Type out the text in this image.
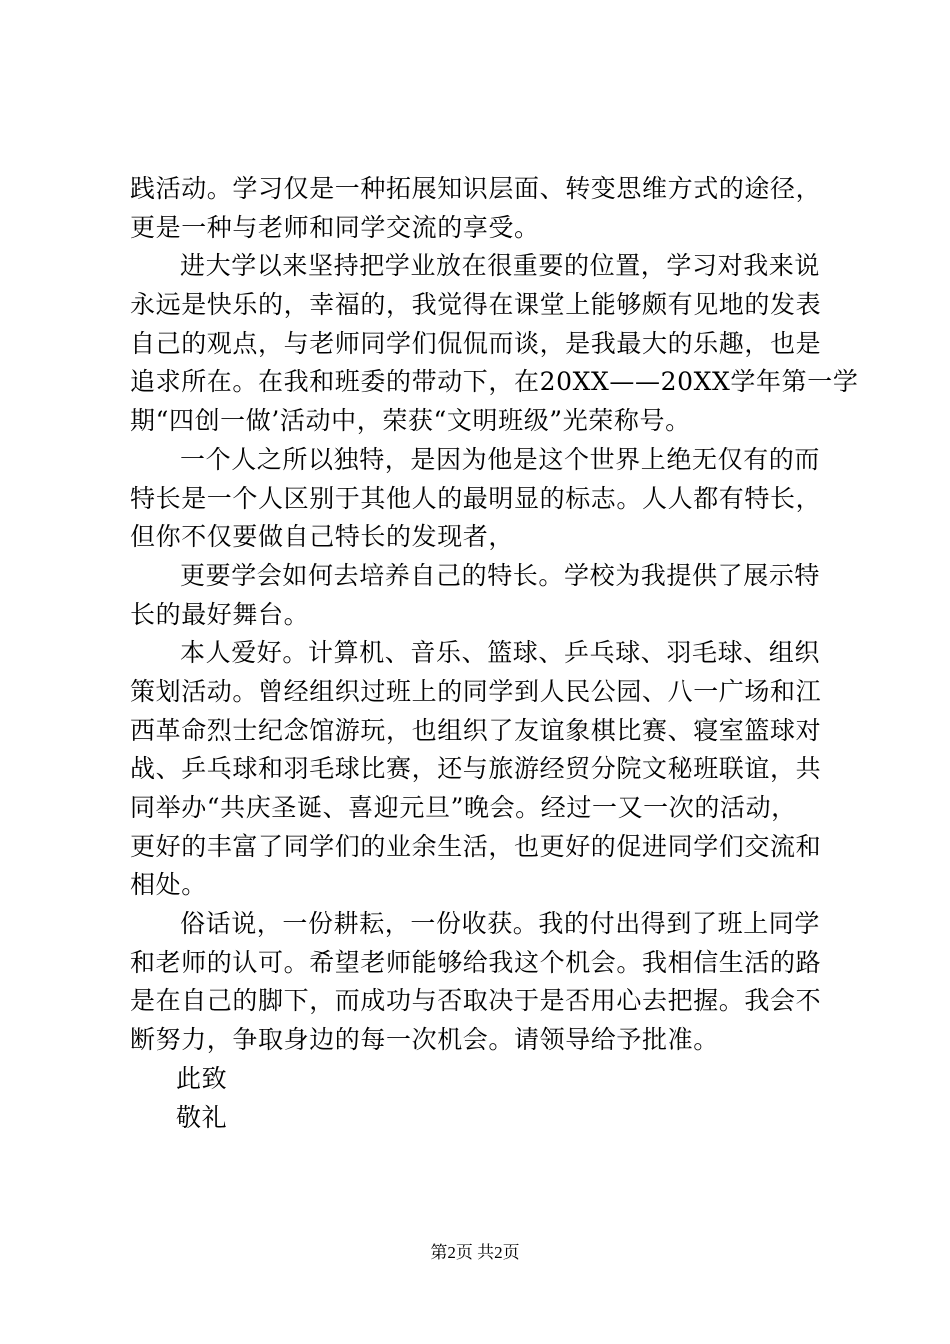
践活动。学习仅是一种拓展知识层面、转变思维方式的途径，
更是一种与老师和同学交流的享受。
进大学以来坚持把学业放在很重要的位置，学习对我来说
永远是快乐的，幸福的，我觉得在课堂上能够颇有见地的发表
自己的观点，与老师同学们侃侃而谈，是我最大的乐趣，也是
追求所在。在我和班委的带动下，在20XX——20XX学年第一学
期“四创一做’活动中，荣获“文明班级”光荣称号。
一个人之所以独特，是因为他是这个世界上绝无仅有的而
特长是一个人区别于其他人的最明显的标志。人人都有特长，
但你不仅要做自己特长的发现者，
更要学会如何去培养自己的特长。学校为我提供了展示特
长的最好舞台。
本人爱好。计算机、音乐、篮球、乒乓球、羽毛球、组织
策划活动。曾经组织过班上的同学到人民公园、八一广场和江
西革命烈士纪念馆游玩，也组织了友谊象棋比赛、寝室篮球对
战、乒乓球和羽毛球比赛，还与旅游经贸分院文秘班联谊，共
同举办“共庆圣诞、喜迎元旦”晚会。经过一又一次的活动，
更好的丰富了同学们的业余生活，也更好的促进同学们交流和
相处。
俗话说，一份耕耘，一份收获。我的付出得到了班上同学
和老师的认可。希望老师能够给我这个机会。我相信生活的路
是在自己的脚下，而成功与否取决于是否用心去把握。我会不
断努力，争取身边的每一次机会。请领导给予批准。
此致
敬礼
第2页 共2页
